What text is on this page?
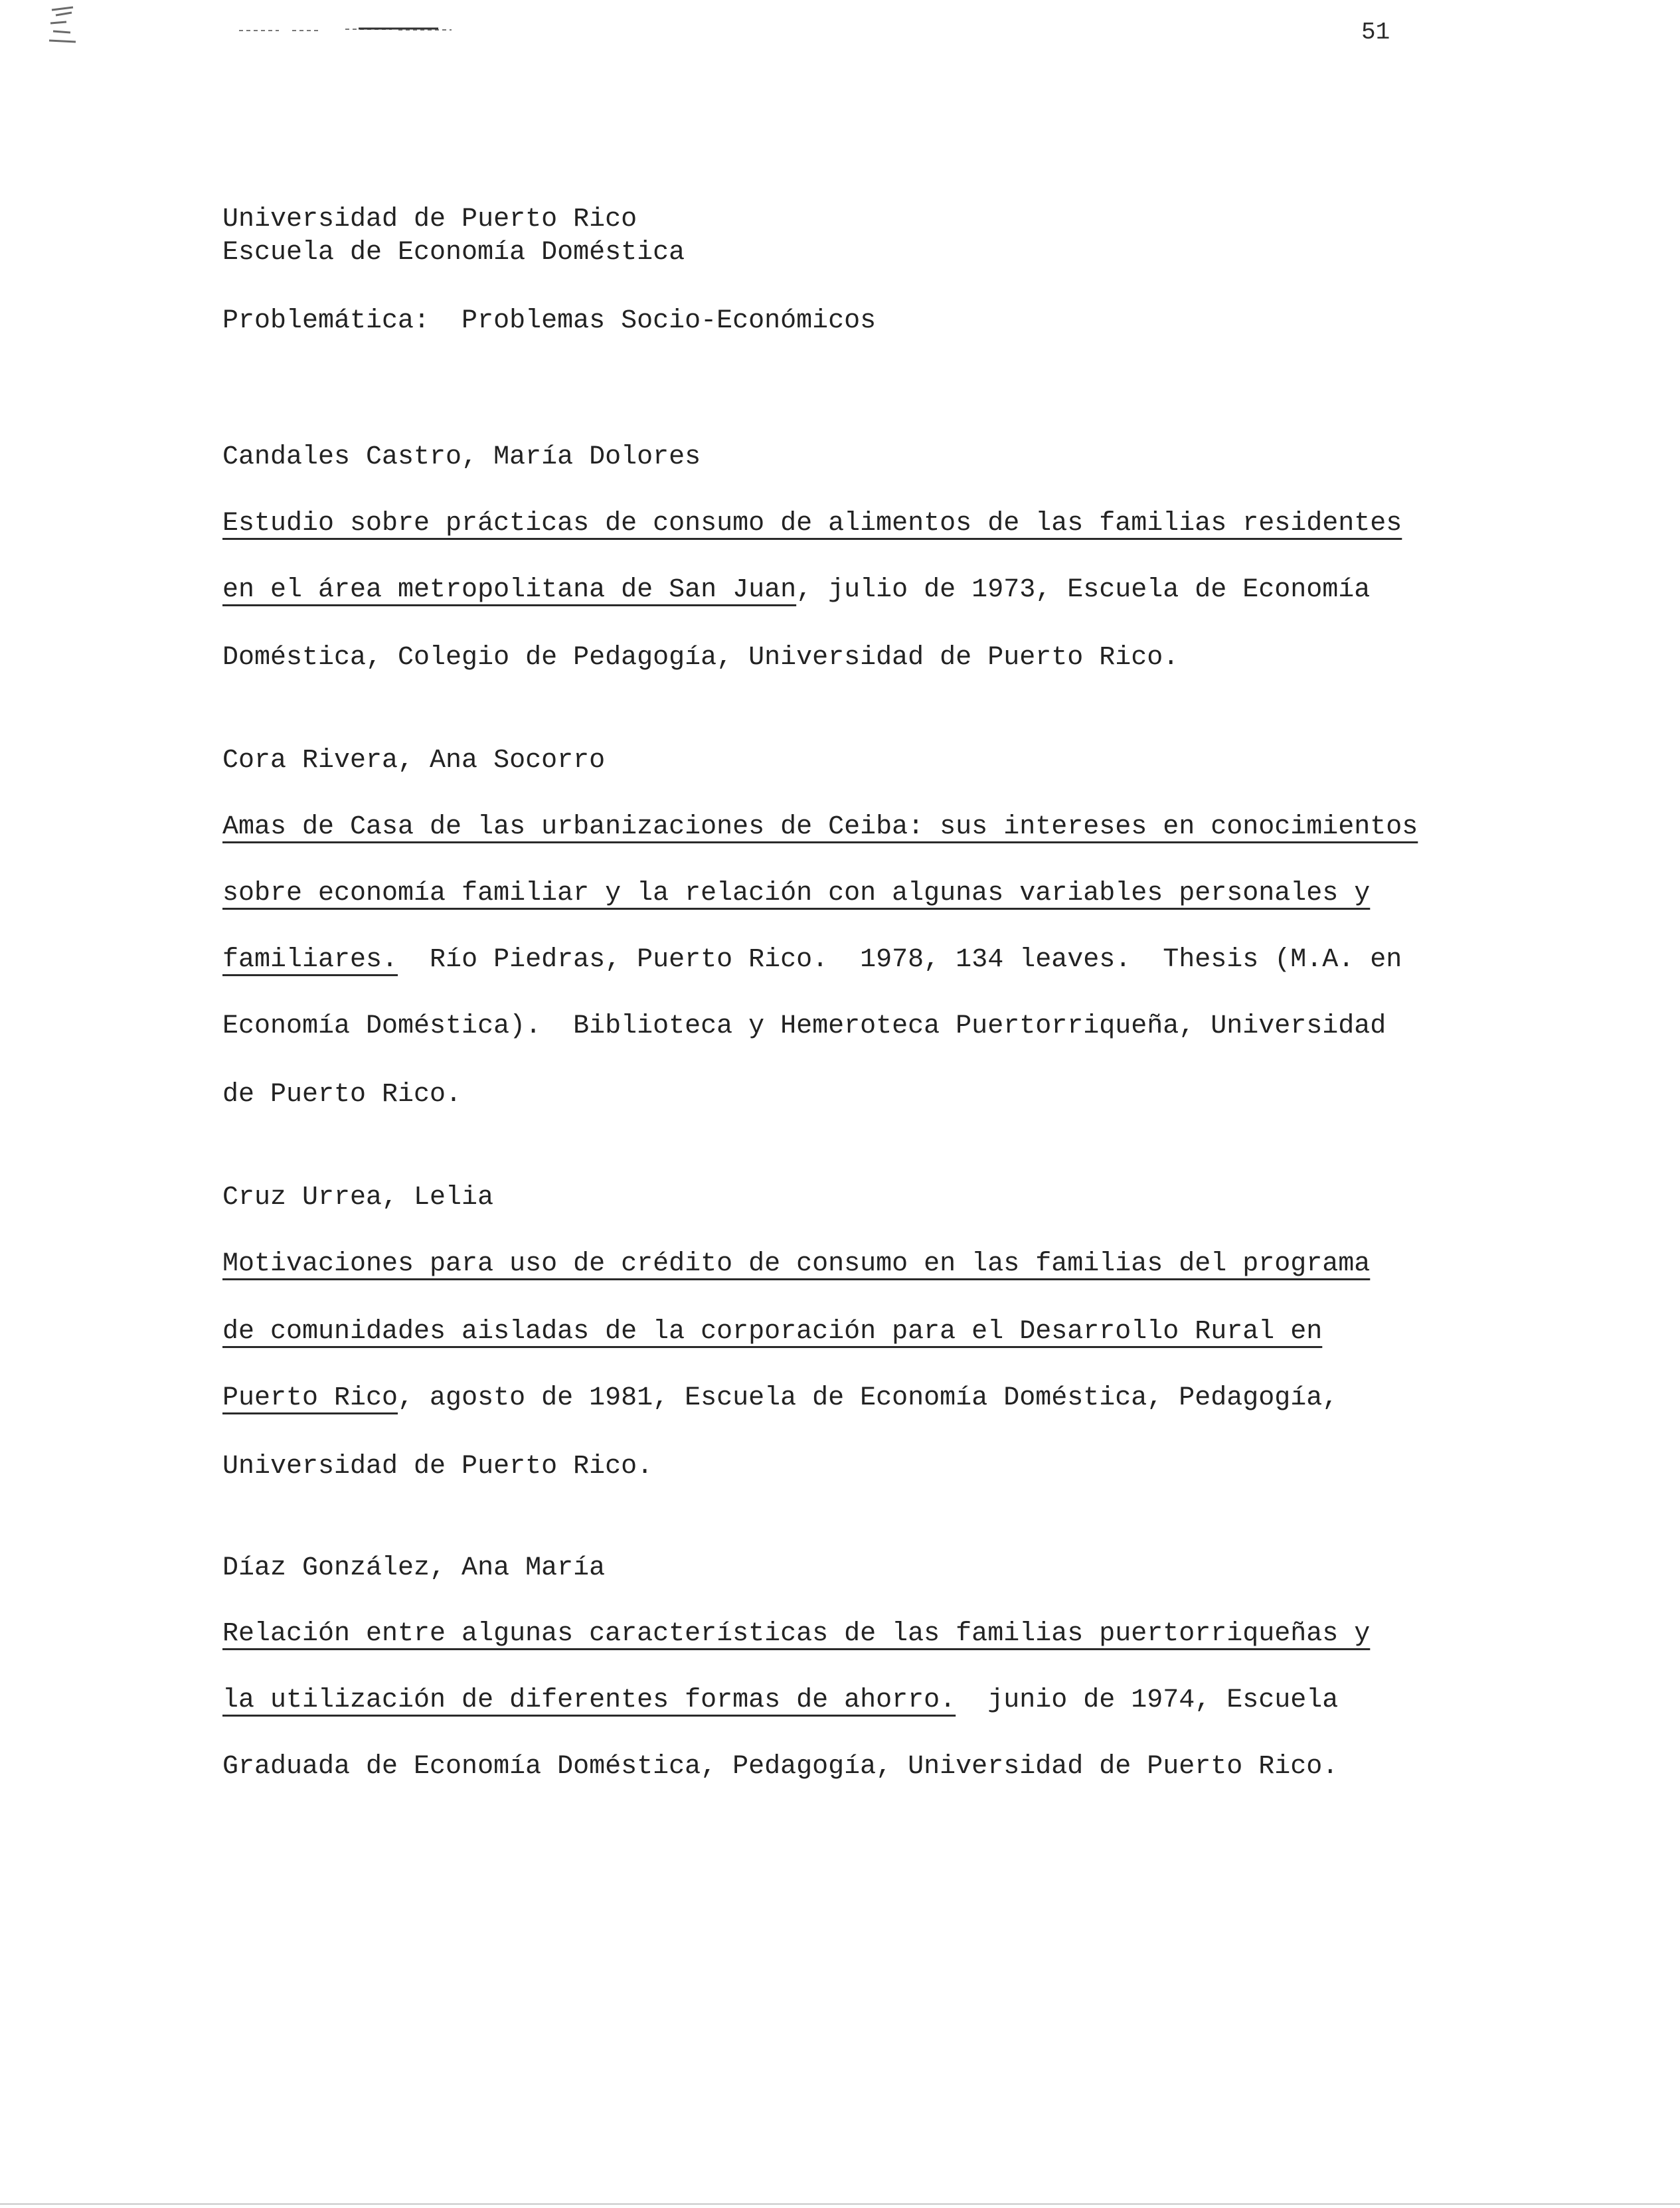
51
Universidad de Puerto Rico
Escuela de Economía Doméstica
Problemática:  Problemas Socio-Económicos
Candales Castro, María Dolores
Estudio sobre prácticas de consumo de alimentos de las familias residentes
en el área metropolitana de San Juan, julio de 1973, Escuela de Economía
Doméstica, Colegio de Pedagogía, Universidad de Puerto Rico.
Cora Rivera, Ana Socorro
Amas de Casa de las urbanizaciones de Ceiba: sus intereses en conocimientos
sobre economía familiar y la relación con algunas variables personales y
familiares.  Río Piedras, Puerto Rico.  1978, 134 leaves.  Thesis (M.A. en
Economía Doméstica).  Biblioteca y Hemeroteca Puertorriqueña, Universidad
de Puerto Rico.
Cruz Urrea, Lelia
Motivaciones para uso de crédito de consumo en las familias del programa
de comunidades aisladas de la corporación para el Desarrollo Rural en
Puerto Rico, agosto de 1981, Escuela de Economía Doméstica, Pedagogía,
Universidad de Puerto Rico.
Díaz González, Ana María
Relación entre algunas características de las familias puertorriqueñas y
la utilización de diferentes formas de ahorro.  junio de 1974, Escuela
Graduada de Economía Doméstica, Pedagogía, Universidad de Puerto Rico.
